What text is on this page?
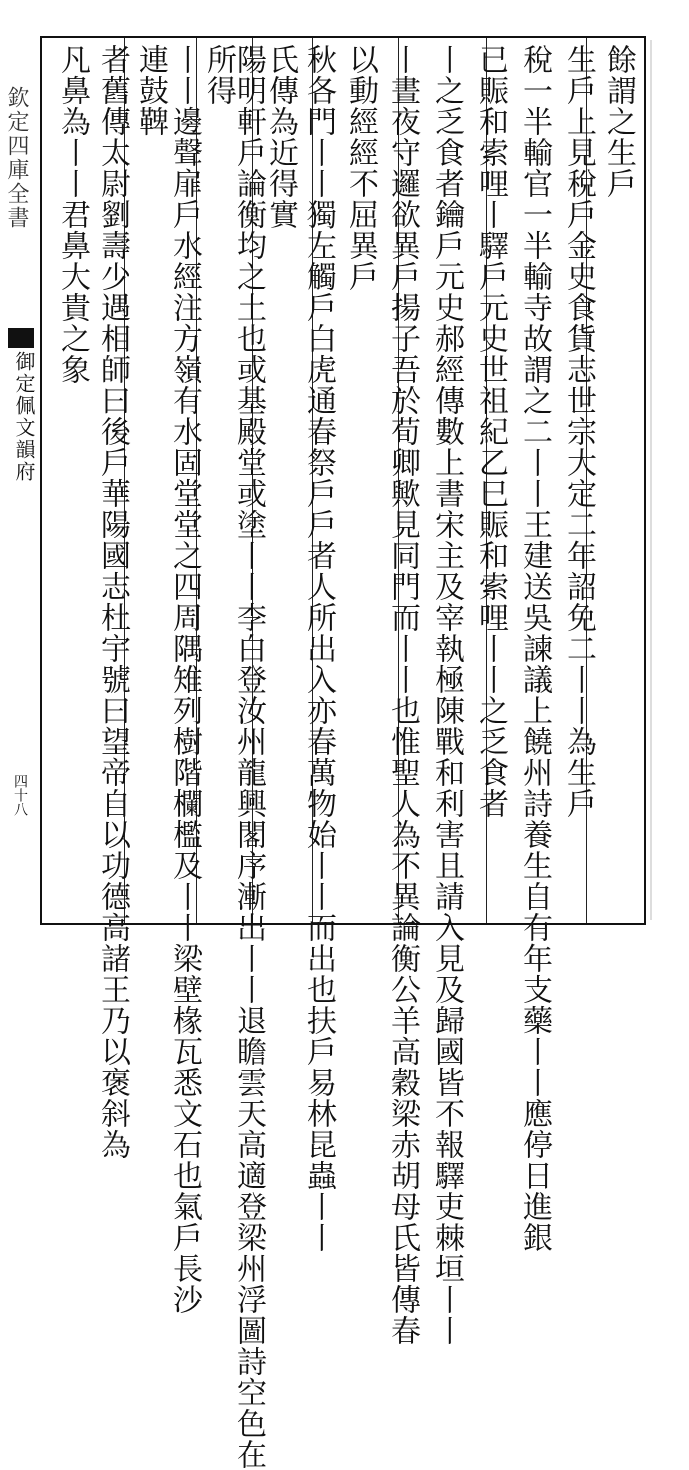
欽定四庫全書
御定佩文韻府
四十八
餘謂之生戶
生戶上見稅戶金史食貨志世宗大定二年詔免二丨丨為生戶
稅一半輸官一半輸寺故謂之二丨丨王建送吳諫議上饒州詩養生自有年支藥丨丨應停日進銀
已賑和索哩丨驛戶元史世祖紀乙巳賑和索哩丨丨之乏食者
丨之乏食者鑰戶元史郝經傳數上書宋主及宰執極陳戰和利害且請入見及歸國皆不報驛吏棘垣丨丨
丨晝夜守邏欲異戶揚子吾於荀卿歟見同門而丨丨也惟聖人為不異論衡公羊高穀梁赤胡母氏皆傳春
以動經經不屈異戶
秋各門丨丨獨左觸戶白虎通春祭戶戶者人所出入亦春萬物始丨丨而出也扶戶易林昆蟲丨丨
氏傳為近得實
陽明軒戶論衡均之土也或基殿堂或塗丨丨李白登汝州龍興閣序漸出丨丨退瞻雲天高適登梁州浮圖詩空色在
所得
丨丨邊聲扉戶水經注方嶺有水固堂堂之四周隅雉列樹階欄檻及丨丨梁壁椽瓦悉文石也氣戶長沙
連鼓鞞
者舊傳太尉劉壽少遇相師曰後戶華陽國志杜宇號曰望帝自以功德高諸王乃以褒斜為
凡鼻為丨丨君鼻大貴之象
